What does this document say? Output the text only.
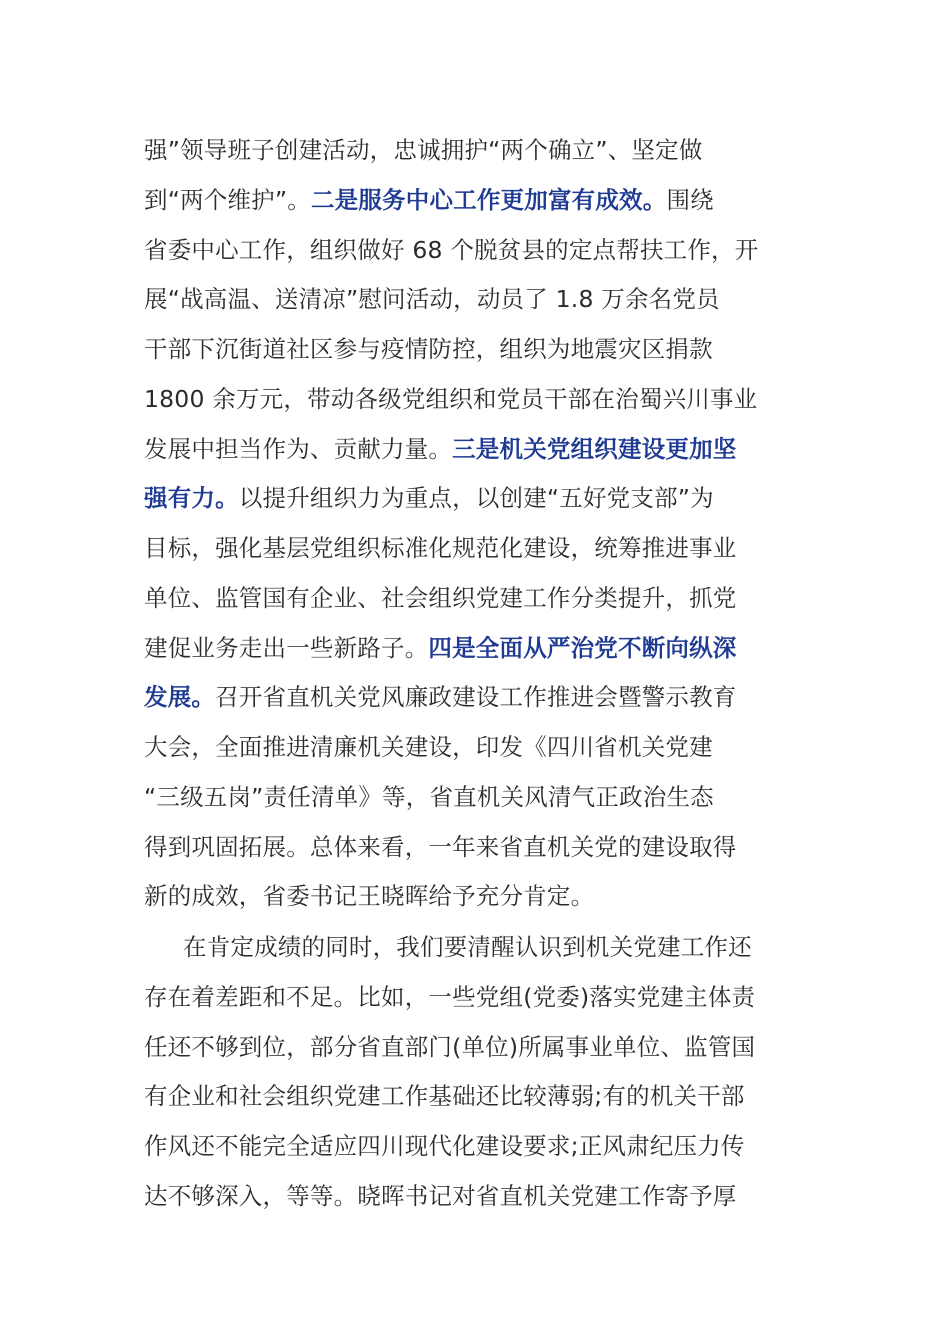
强”领导班子创建活动，忠诚拥护“两个确立”、坚定做
到“两个维护”。二是服务中心工作更加富有成效。围绕
省委中心工作，组织做好 68 个脱贫县的定点帮扶工作，开
展“战高温、送清凉”慰问活动，动员了 1.8 万余名党员
干部下沉街道社区参与疫情防控，组织为地震灾区捐款
1800 余万元，带动各级党组织和党员干部在治蜀兴川事业
发展中担当作为、贡献力量。三是机关党组织建设更加坚
强有力。以提升组织力为重点，以创建“五好党支部”为
目标，强化基层党组织标准化规范化建设，统筹推进事业
单位、监管国有企业、社会组织党建工作分类提升，抓党
建促业务走出一些新路子。四是全面从严治党不断向纵深
发展。召开省直机关党风廉政建设工作推进会暨警示教育
大会，全面推进清廉机关建设，印发《四川省机关党建
“三级五岗”责任清单》等，省直机关风清气正政治生态
得到巩固拓展。总体来看，一年来省直机关党的建设取得
新的成效，省委书记王晓晖给予充分肯定。
在肯定成绩的同时，我们要清醒认识到机关党建工作还
存在着差距和不足。比如，一些党组(党委)落实党建主体责
任还不够到位，部分省直部门(单位)所属事业单位、监管国
有企业和社会组织党建工作基础还比较薄弱;有的机关干部
作风还不能完全适应四川现代化建设要求;正风肃纪压力传
达不够深入，等等。晓晖书记对省直机关党建工作寄予厚
